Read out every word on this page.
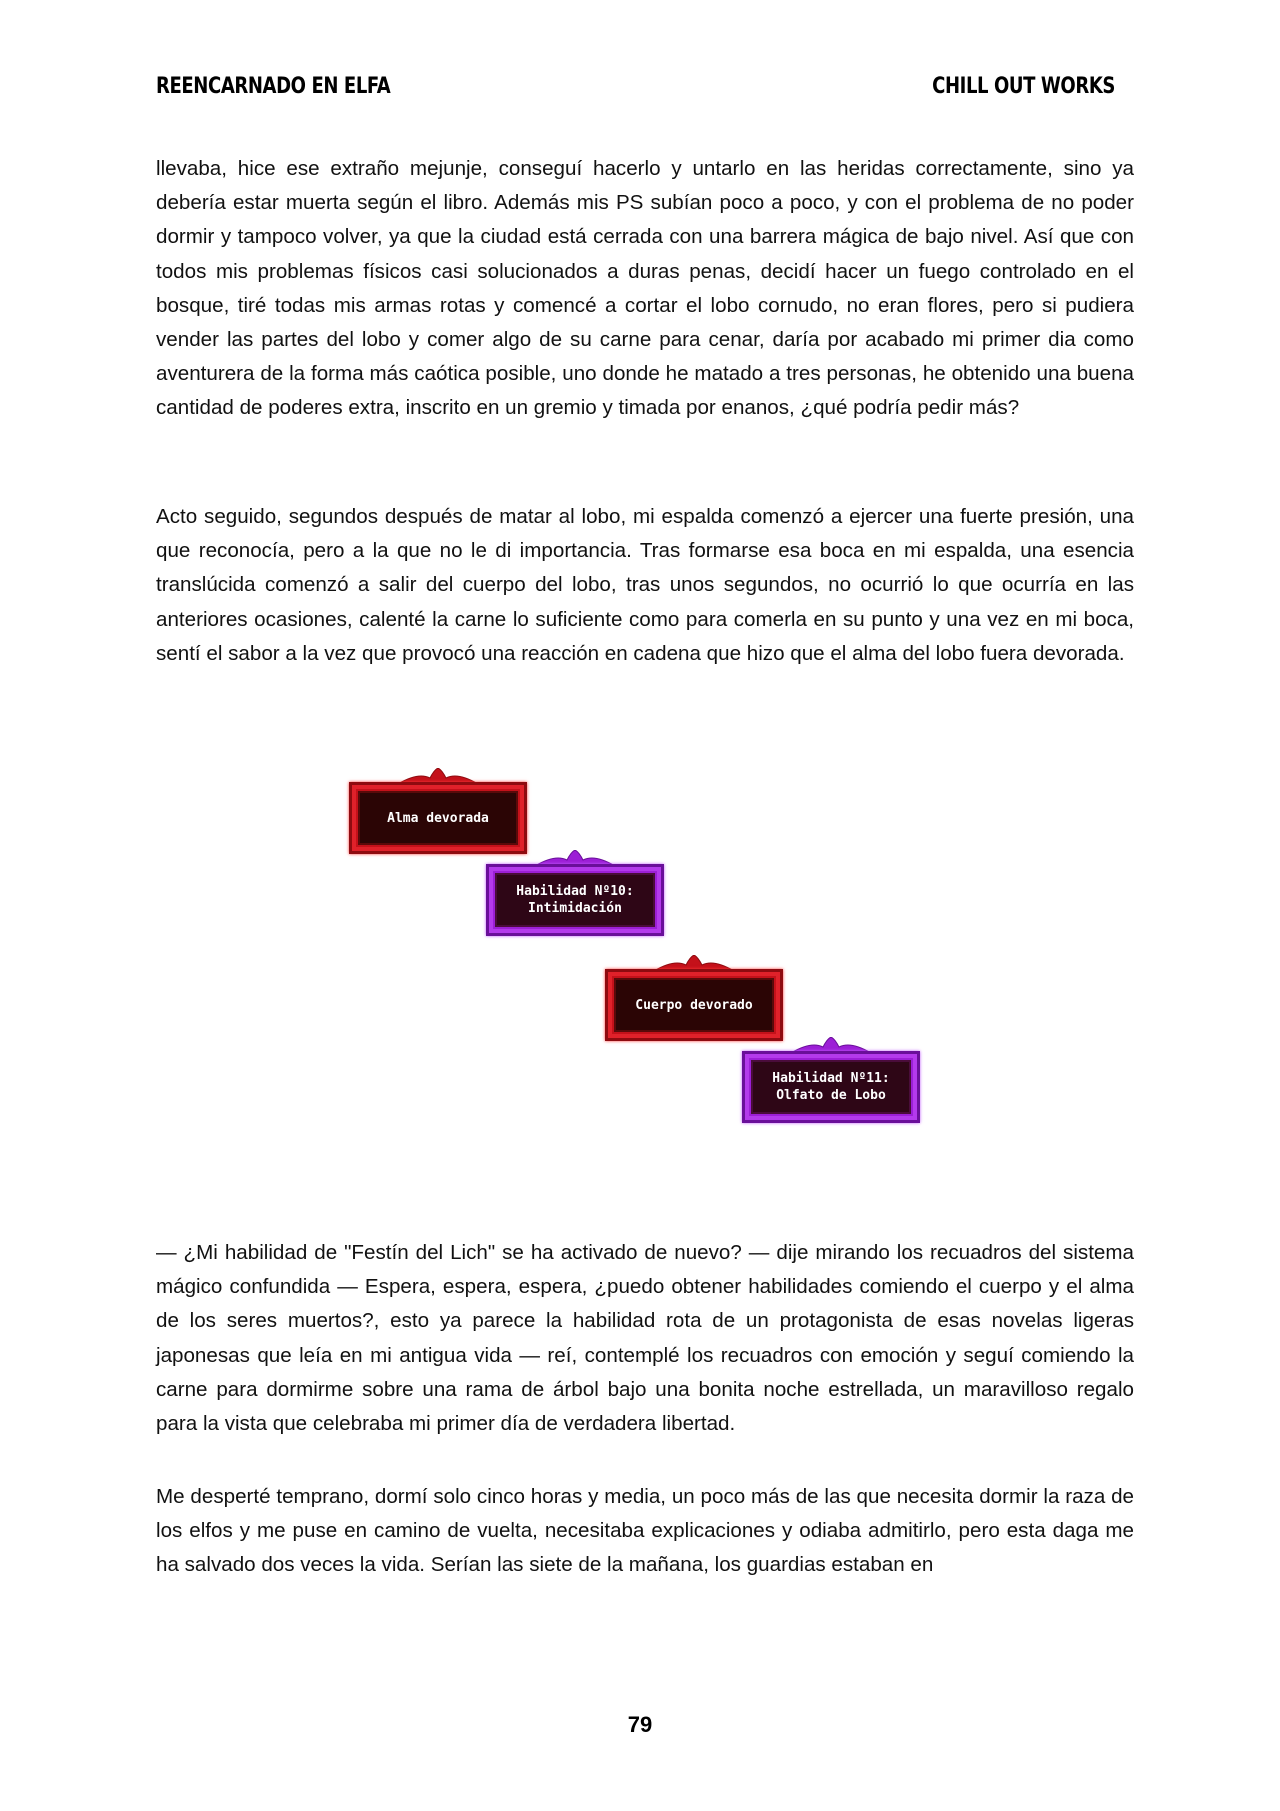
REENCARNADO EN ELFA	CHILL OUT WORKS

llevaba, hice ese extraño mejunje, conseguí hacerlo y untarlo en las heridas correctamente, sino ya debería estar muerta según el libro. Además mis PS subían poco a poco, y con el problema de no poder dormir y tampoco volver, ya que la ciudad está cerrada con una barrera mágica de bajo nivel. Así que con todos mis problemas físicos casi solucionados a duras penas, decidí hacer un fuego controlado en el bosque, tiré todas mis armas rotas y comencé a cortar el lobo cornudo, no eran flores, pero si pudiera vender las partes del lobo y comer algo de su carne para cenar, daría por acabado mi primer dia como aventurera de la forma más caótica posible, uno donde he matado a tres personas, he obtenido una buena cantidad de poderes extra, inscrito en un gremio y timada por enanos, ¿qué podría pedir más?

Acto seguido, segundos después de matar al lobo, mi espalda comenzó a ejercer una fuerte presión, una que reconocía, pero a la que no le di importancia. Tras formarse esa boca en mi espalda, una esencia translúcida comenzó a salir del cuerpo del lobo, tras unos segundos, no ocurrió lo que ocurría en las anteriores ocasiones, calenté la carne lo suficiente como para comerla en su punto y una vez en mi boca, sentí el sabor a la vez que provocó una reacción en cadena que hizo que el alma del lobo fuera devorada.

Alma devorada
Habilidad Nº10:
Intimidación
Cuerpo devorado
Habilidad Nº11:
Olfato de Lobo

— ¿Mi habilidad de "Festín del Lich" se ha activado de nuevo? — dije mirando los recuadros del sistema mágico confundida — Espera, espera, espera, ¿puedo obtener habilidades comiendo el cuerpo y el alma de los seres muertos?, esto ya parece la habilidad rota de un protagonista de esas novelas ligeras japonesas que leía en mi antigua vida — reí, contemplé los recuadros con emoción y seguí comiendo la carne para dormirme sobre una rama de árbol bajo una bonita noche estrellada, un maravilloso regalo para la vista que celebraba mi primer día de verdadera libertad.

Me desperté temprano, dormí solo cinco horas y media, un poco más de las que necesita dormir la raza de los elfos y me puse en camino de vuelta, necesitaba explicaciones y odiaba admitirlo, pero esta daga me ha salvado dos veces la vida. Serían las siete de la mañana, los guardias estaban en

79
